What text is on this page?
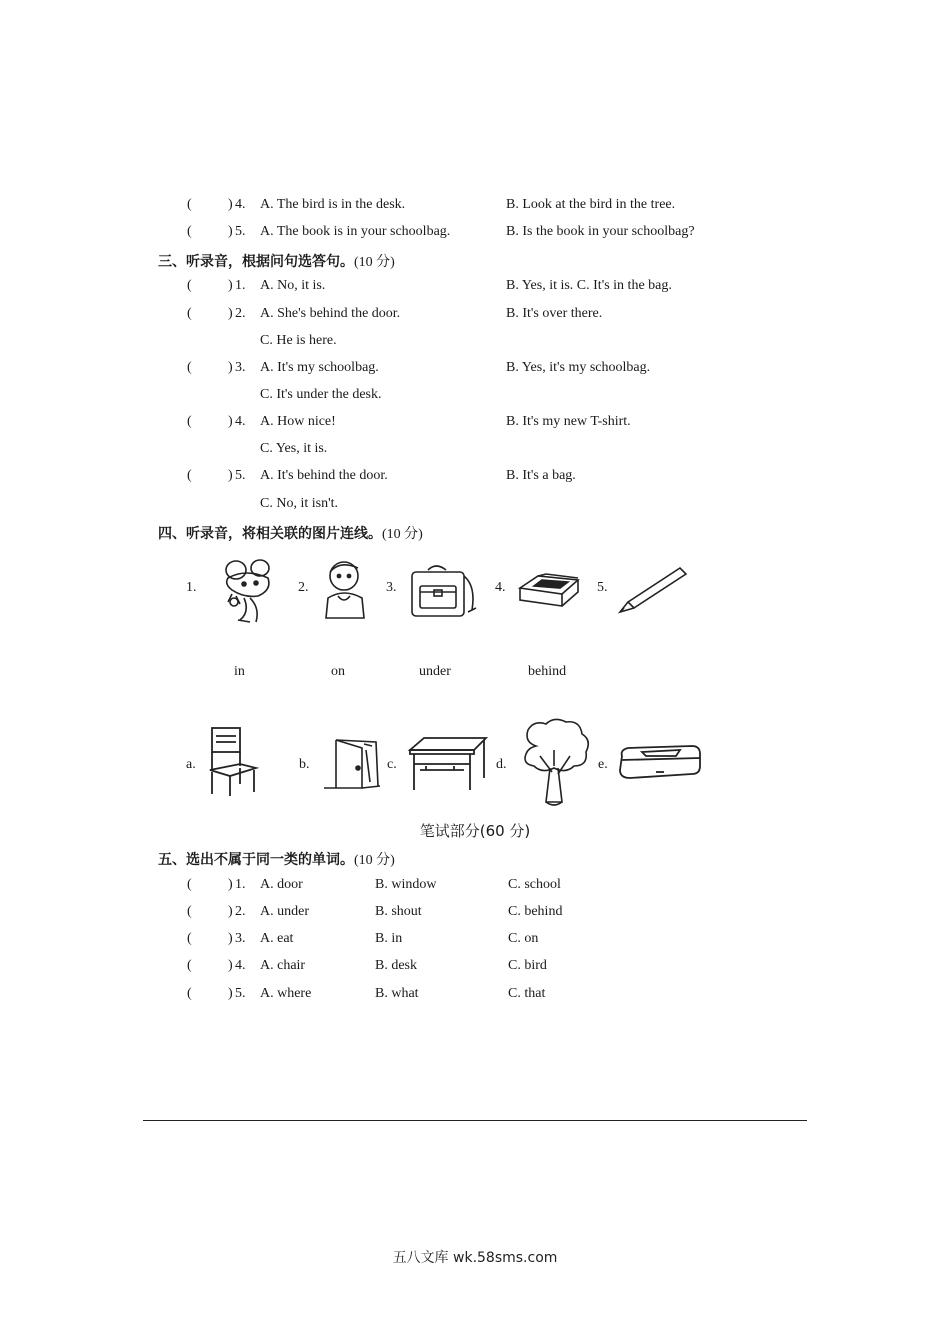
(	) 4. A. The bird is in the desk.	B. Look at the bird in the tree.
(	) 5. A. The book is in your schoolbag.	B. Is the book in your schoolbag?
三、听录音，根据问句选答句。(10 分)
(	) 1. A. No, it is.	B. Yes, it is. C. It's in the bag.
(	) 2. A. She's behind the door.	B. It's over there.
C. He is here.
(	) 3. A. It's my schoolbag.	B. Yes, it's my schoolbag.
C. It's under the desk.
(	) 4. A. How nice!	B. It's my new T-shirt.
C. Yes, it is.
(	) 5. A. It's behind the door.	B. It's a bag.
C. No, it isn't.
四、听录音，将相关联的图片连线。(10 分)
1.	2.	3.	4.	5.
in	on	under	behind
a.	b.	c.	d.	e.
笔试部分(60 分)
五、选出不属于同一类的单词。(10 分)
(	) 1. A. door	B. window	C. school
(	) 2. A. under	B. shout	C. behind
(	) 3. A. eat	B. in	C. on
(	) 4. A. chair	B. desk	C. bird
(	) 5. A. where	B. what	C. that
五八文库 wk.58sms.com
